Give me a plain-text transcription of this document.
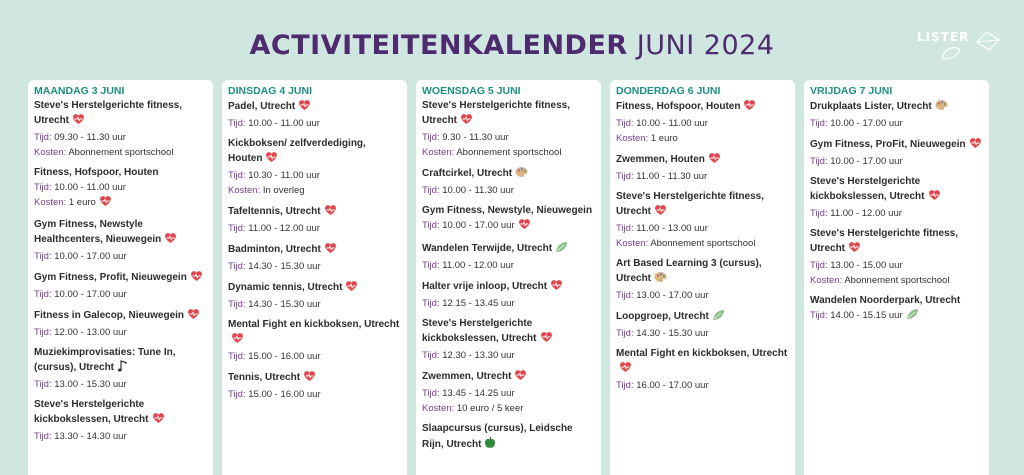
ACTIVITEITENKALENDER JUNI 2024	LISTER
MAANDAG 3 JUNI
Steve's Herstelgerichte fitness, Utrecht
Tijd: 09.30 - 11.30 uur
Kosten: Abonnement sportschool
Fitness, Hofspoor, Houten
Tijd: 10.00 - 11.00 uur
Kosten: 1 euro
Gym Fitness, Newstyle Healthcenters, Nieuwegein
Tijd: 10.00 - 17.00 uur
Gym Fitness, Profit, Nieuwegein
Tijd: 10.00 - 17.00 uur
Fitness in Galecop, Nieuwegein
Tijd: 12.00 - 13.00 uur
Muziekimprovisaties: Tune In, (cursus), Utrecht
Tijd: 13.00 - 15.30 uur
Steve's Herstelgerichte kickbokslessen, Utrecht
Tijd: 13.30 - 14.30 uur
DINSDAG 4 JUNI
Padel, Utrecht
Tijd: 10.00 - 11.00 uur
Kickboksen/ zelfverdediging, Houten
Tijd: 10.30 - 11.00 uur
Kosten: In overleg
Tafeltennis, Utrecht
Tijd: 11.00 - 12.00 uur
Badminton, Utrecht
Tijd: 14.30 - 15.30 uur
Dynamic tennis, Utrecht
Tijd: 14.30 - 15.30 uur
Mental Fight en kickboksen, Utrecht
Tijd: 15.00 - 16.00 uur
Tennis, Utrecht
Tijd: 15.00 - 16.00 uur
WOENSDAG 5 JUNI
Steve's Herstelgerichte fitness, Utrecht
Tijd: 9.30 - 11.30 uur
Kosten: Abonnement sportschool
Craftcirkel, Utrecht
Tijd: 10.00 - 11.30 uur
Gym Fitness, Newstyle, Nieuwegein
Tijd: 10.00 - 17.00 uur
Wandelen Terwijde, Utrecht
Tijd: 11.00 - 12.00 uur
Halter vrije inloop, Utrecht
Tijd: 12.15 - 13.45 uur
Steve's Herstelgerichte kickbokslessen, Utrecht
Tijd: 12.30 - 13.30 uur
Zwemmen, Utrecht
Tijd: 13.45 - 14.25 uur
Kosten: 10 euro / 5 keer
Slaapcursus (cursus), Leidsche Rijn, Utrecht
DONDERDAG 6 JUNI
Fitness, Hofspoor, Houten
Tijd: 10.00 - 11.00 uur
Kosten: 1 euro
Zwemmen, Houten
Tijd: 11.00 - 11.30 uur
Steve's Herstelgerichte fitness, Utrecht
Tijd: 11.00 - 13.00 uur
Kosten: Abonnement sportschool
Art Based Learning 3 (cursus), Utrecht
Tijd: 13.00 - 17.00 uur
Loopgroep, Utrecht
Tijd: 14.30 - 15.30 uur
Mental Fight en kickboksen, Utrecht
Tijd: 16.00 - 17.00 uur
VRIJDAG 7 JUNI
Drukplaats Lister, Utrecht
Tijd: 10.00 - 17.00 uur
Gym Fitness, ProFit, Nieuwegein
Tijd: 10.00 - 17.00 uur
Steve's Herstelgerichte kickbokslessen, Utrecht
Tijd: 11.00 - 12.00 uur
Steve's Herstelgerichte fitness, Utrecht
Tijd: 13.00 - 15.00 uur
Kosten: Abonnement sportschool
Wandelen Noorderpark, Utrecht
Tijd: 14.00 - 15.15 uur
